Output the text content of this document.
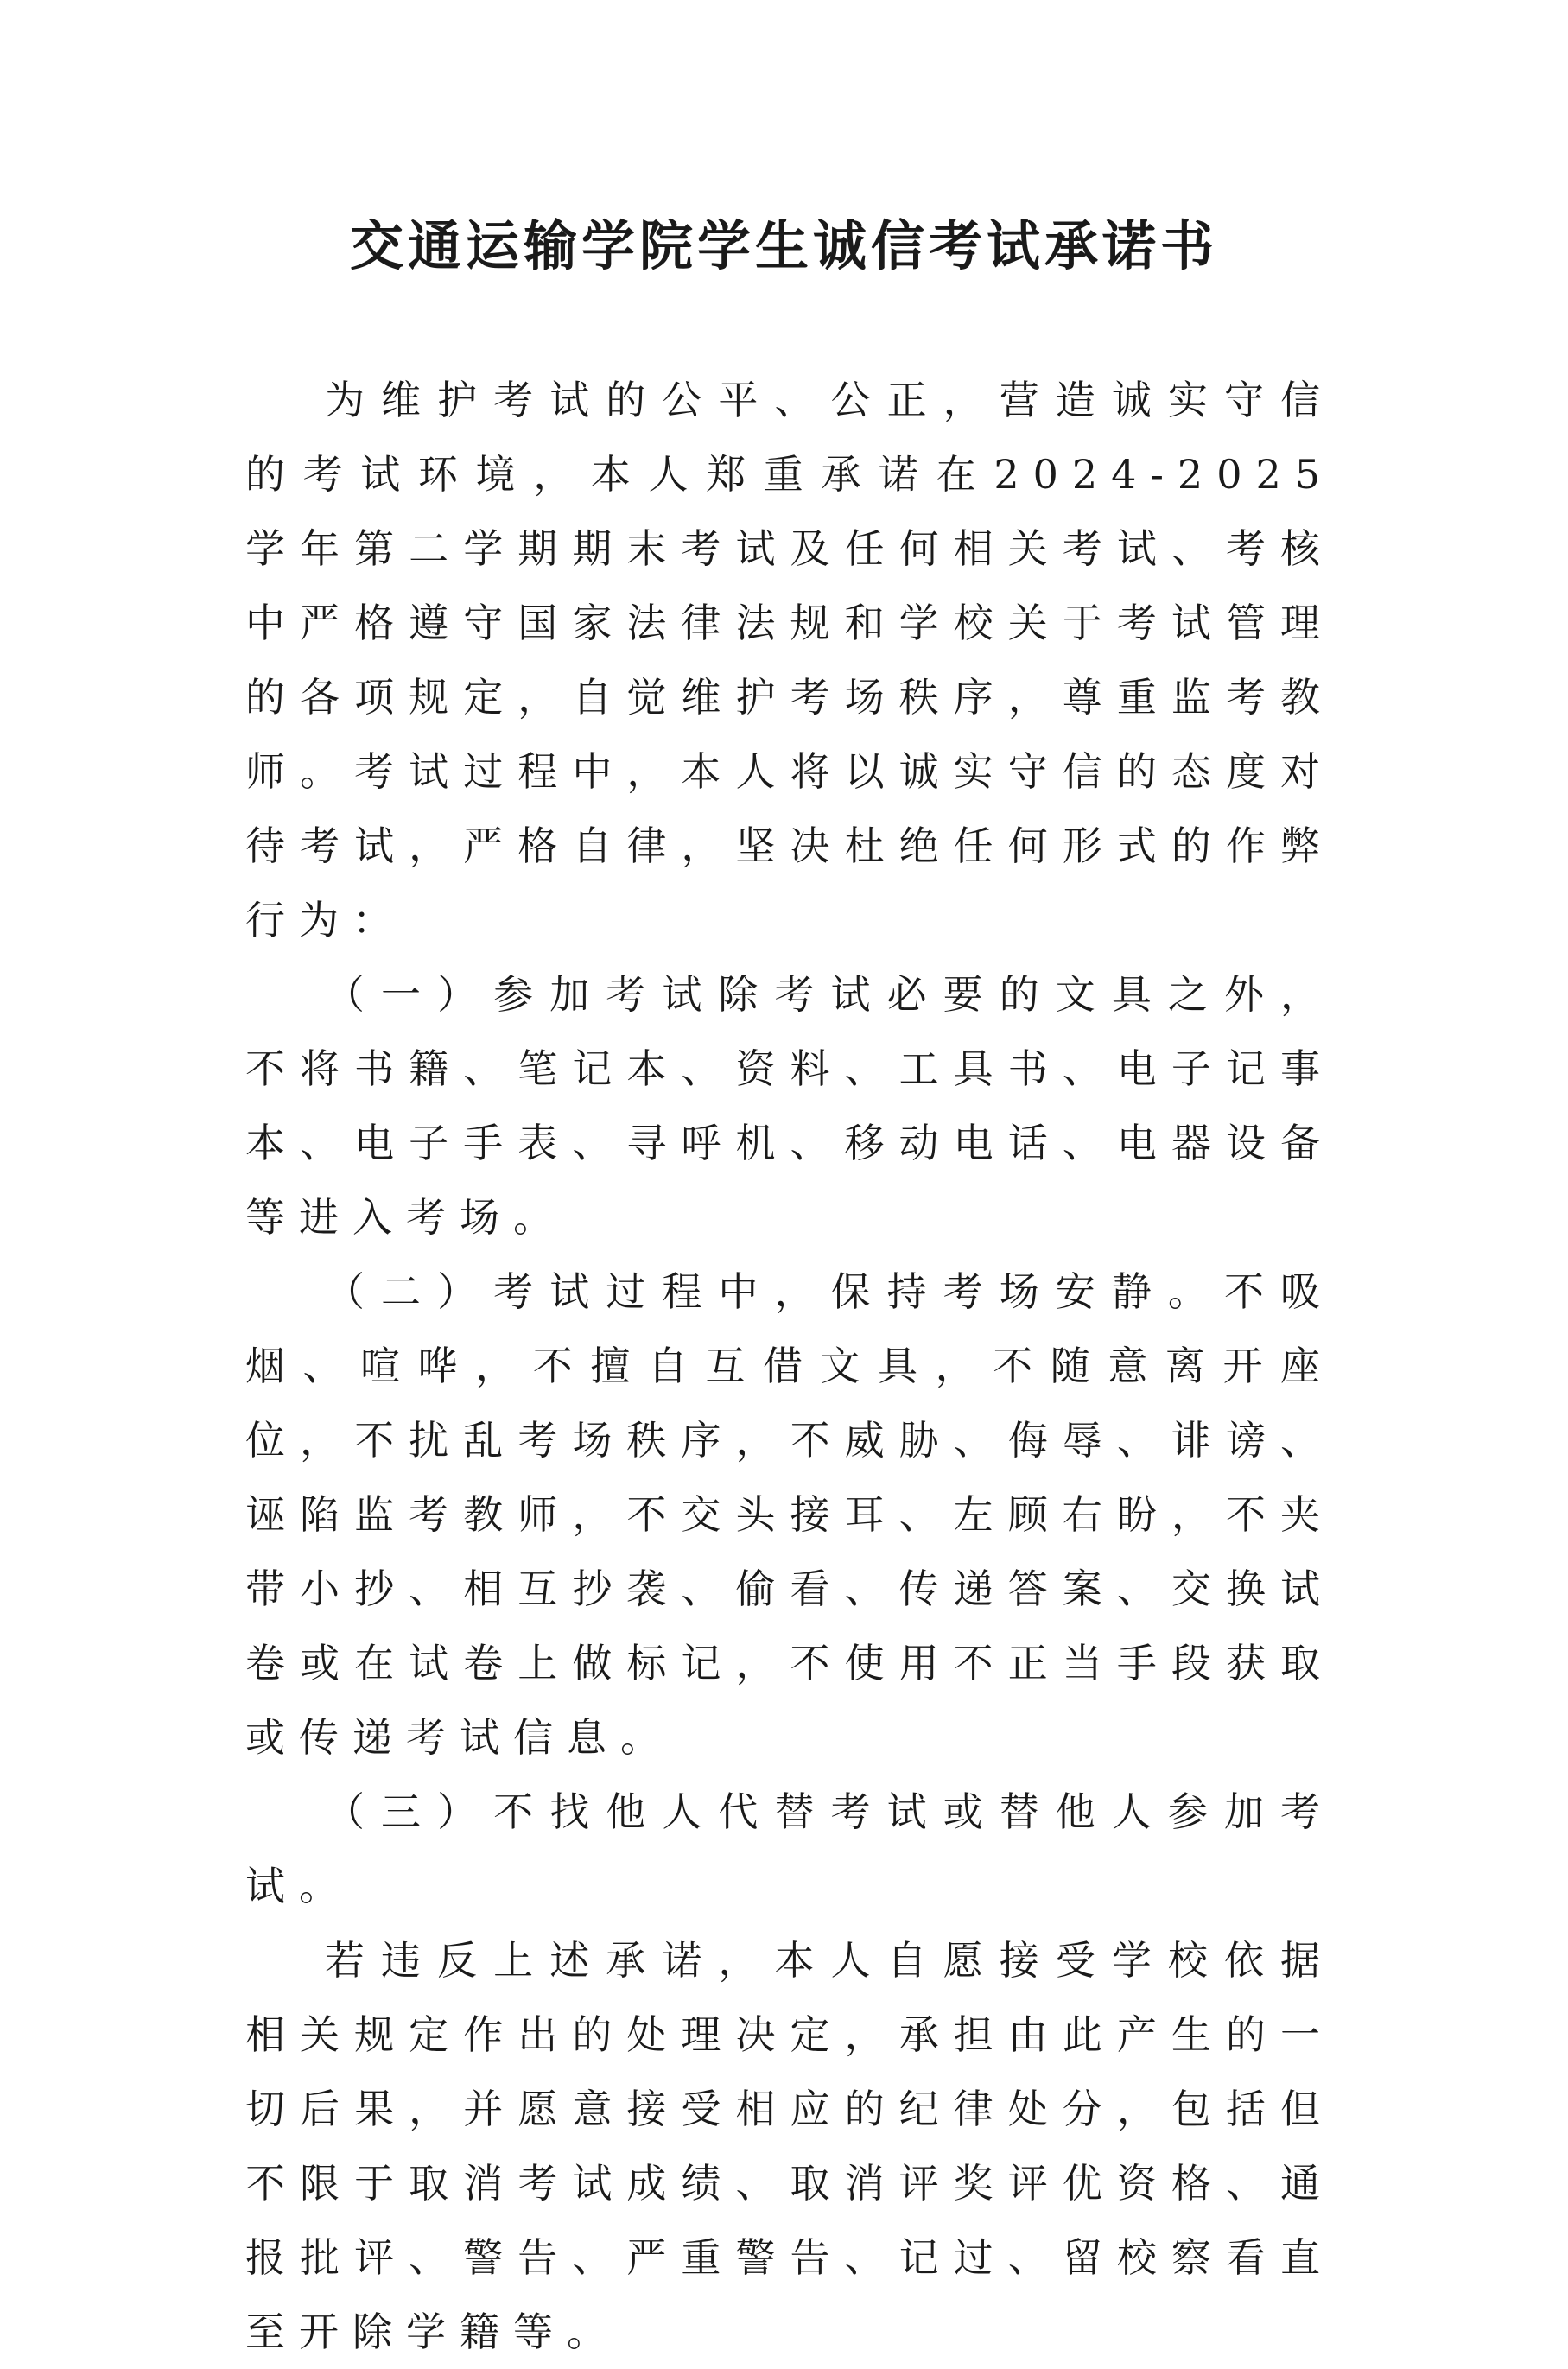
交通运输学院学生诚信考试承诺书

为维护考试的公平、公正，营造诚实守信的考试环境，本人郑重承诺在2024-2025 学年第二学期期末考试及任何相关考试、考核中严格遵守国家法律法规和学校关于考试管理的各项规定，自觉维护考场秩序，尊重监考教师。考试过程中，本人将以诚实守信的态度对待考试，严格自律，坚决杜绝任何形式的作弊行为：

（一）参加考试除考试必要的文具之外，不将书籍、笔记本、资料、工具书、电子记事本、电子手表、寻呼机、移动电话、电器设备等进入考场。

（二）考试过程中，保持考场安静。不吸烟、喧哗，不擅自互借文具，不随意离开座位，不扰乱考场秩序，不威胁、侮辱、诽谤、诬陷监考教师，不交头接耳、左顾右盼，不夹带小抄、相互抄袭、偷看、传递答案、交换试卷或在试卷上做标记，不使用不正当手段获取或传递考试信息。

（三）不找他人代替考试或替他人参加考试。

若违反上述承诺，本人自愿接受学校依据相关规定作出的处理决定，承担由此产生的一切后果，并愿意接受相应的纪律处分，包括但不限于取消考试成绩、取消评奖评优资格、通报批评、警告、严重警告、记过、留校察看直至开除学籍等。
